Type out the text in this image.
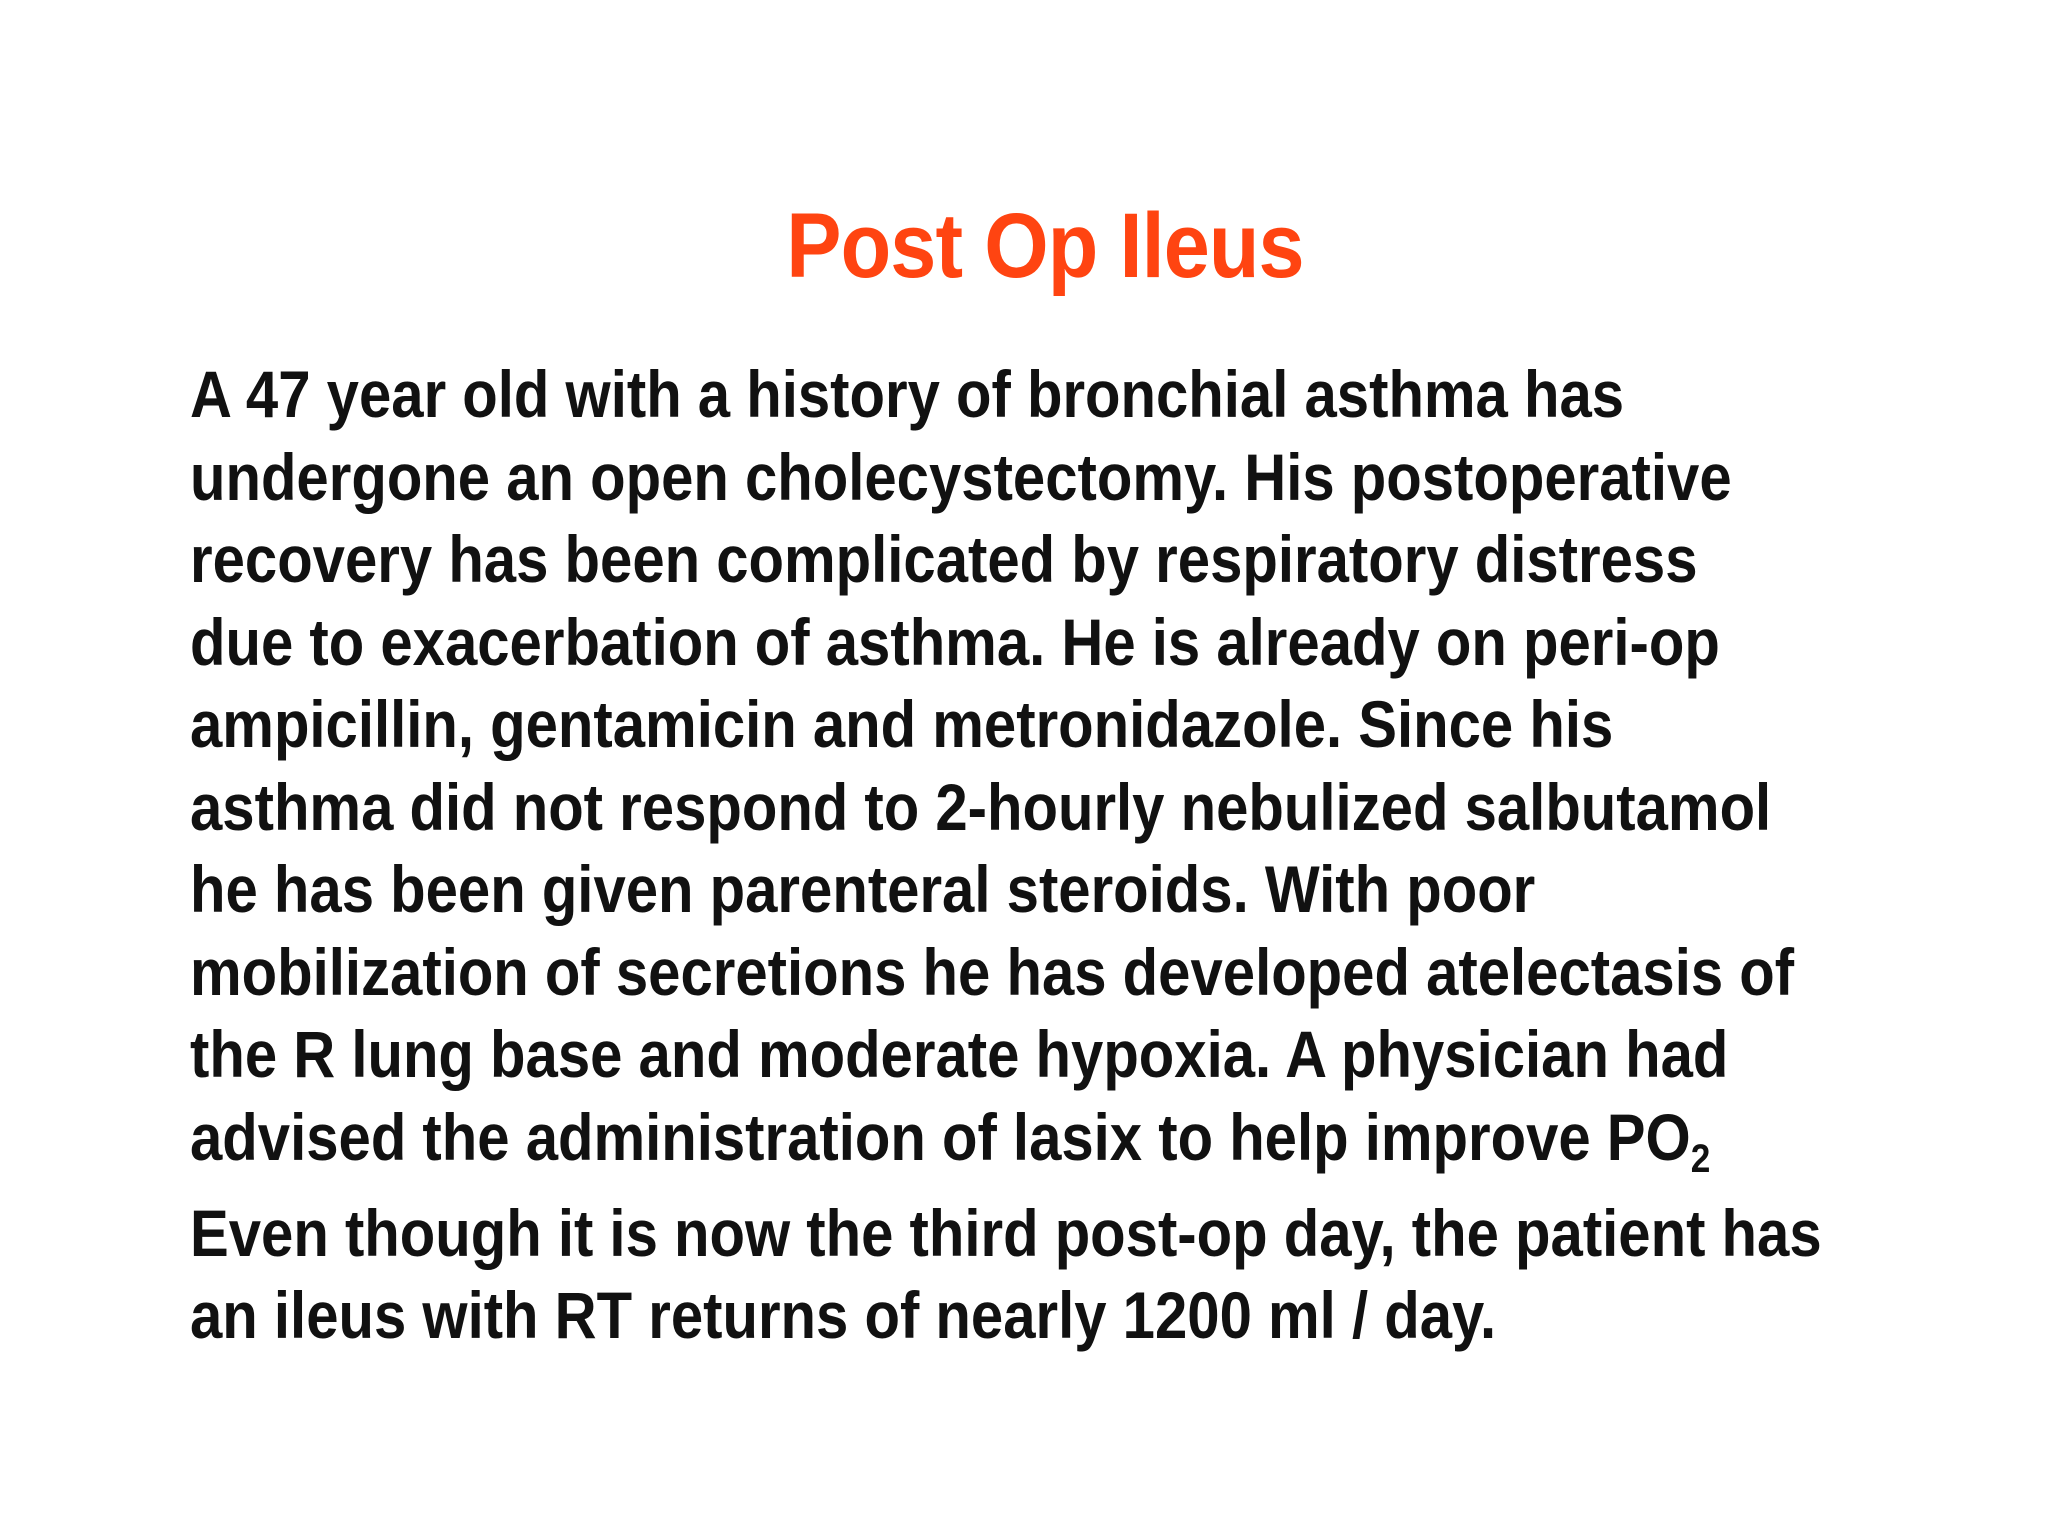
Post Op Ileus
A 47 year old with a history of bronchial asthma has
undergone an open cholecystectomy. His postoperative
recovery has been complicated by respiratory distress
due to exacerbation of asthma. He is already on peri-op
ampicillin, gentamicin and metronidazole. Since his
asthma did not respond to 2-hourly nebulized salbutamol
he has been given parenteral steroids. With poor
mobilization of secretions he has developed atelectasis of
the R lung base and moderate hypoxia. A physician had
advised the administration of lasix to help improve $PO_2$
Even though it is now the third post-op day, the patient has
an ileus with RT returns of nearly 1200 ml / day.
